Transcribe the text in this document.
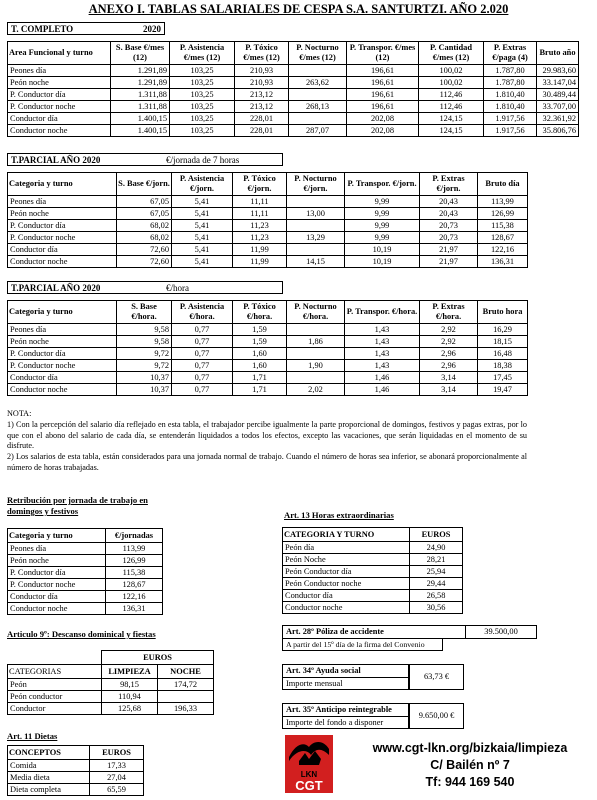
ANEXO I. TABLAS SALARIALES DE CESPA S.A. SANTURTZI. AÑO 2.020
T. COMPLETO	2020
Area Funcional y turno	S. Base €/mes (12)	P. Asistencia €/mes (12)	P. Tóxico €/mes (12)	P. Nocturno €/mes (12)	P. Transpor. €/mes (12)	P. Cantidad €/mes (12)	P. Extras €/paga (4)	Bruto año
Peones día	1.291,89	103,25	210,93		196,61	100,02	1.787,80	29.983,60
Peón noche	1.291,89	103,25	210,93	263,62	196,61	100,02	1.787,80	33.147,04
P. Conductor día	1.311,88	103,25	213,12		196,61	112,46	1.810,40	30.489,44
P. Conductor noche	1.311,88	103,25	213,12	268,13	196,61	112,46	1.810,40	33.707,00
Conductor día	1.400,15	103,25	228,01		202,08	124,15	1.917,56	32.361,92
Conductor noche	1.400,15	103,25	228,01	287,07	202,08	124,15	1.917,56	35.806,76
T.PARCIAL AÑO 2020	€/jornada de 7 horas
Categoria y turno	S. Base €/jorn.	P. Asistencia €/jorn.	P. Tóxico €/jorn.	P. Nocturno €/jorn.	P. Transpor. €/jorn.	P. Extras €/jorn.	Bruto día
Peones día	67,05	5,41	11,11		9,99	20,43	113,99
Peón noche	67,05	5,41	11,11	13,00	9,99	20,43	126,99
P. Conductor día	68,02	5,41	11,23		9,99	20,73	115,38
P. Conductor noche	68,02	5,41	11,23	13,29	9,99	20,73	128,67
Conductor día	72,60	5,41	11,99		10,19	21,97	122,16
Conductor noche	72,60	5,41	11,99	14,15	10,19	21,97	136,31
T.PARCIAL AÑO 2020	€/hora
Categoria y turno	S. Base €/hora.	P. Asistencia €/hora.	P. Tóxico €/hora.	P. Nocturno €/hora.	P. Transpor. €/hora.	P. Extras €/hora.	Bruto hora
Peones día	9,58	0,77	1,59		1,43	2,92	16,29
Peón noche	9,58	0,77	1,59	1,86	1,43	2,92	18,15
P. Conductor día	9,72	0,77	1,60		1,43	2,96	16,48
P. Conductor noche	9,72	0,77	1,60	1,90	1,43	2,96	18,38
Conductor día	10,37	0,77	1,71		1,46	3,14	17,45
Conductor noche	10,37	0,77	1,71	2,02	1,46	3,14	19,47
NOTA:
1) Con la percepción del salario día reflejado en esta tabla, el trabajador percibe igualmente la parte proporcional de domingos, festivos y pagas extras, por lo que con el abono del salario de cada día, se entenderán liquidados a todos los efectos, excepto las vacaciones, que serán liquidadas en el momento de su disfrute.
2) Los salarios de esta tabla, están considerados para una jornada normal de trabajo. Cuando el número de horas sea inferior, se abonará proporcionalmente al número de horas trabajadas.
Retribución por jornada de trabajo en domingos y festivos
Categoria y turno	€/jornadas
Peones día	113,99
Peón noche	126,99
P. Conductor día	115,38
P. Conductor noche	128,67
Conductor día	122,16
Conductor noche	136,31
Articulo 9º: Descanso dominical y fiestas
	EUROS	
CATEGORIAS	LIMPIEZA	NOCHE
Peón	98,15	174,72
Peón conductor	110,94	
Conductor	125,68	196,33
Art. 11 Dietas
CONCEPTOS	EUROS
Comida	17,33
Media dieta	27,04
Dieta completa	65,59
Art. 13 Horas extraordinarias
CATEGORIA Y TURNO	EUROS
Peón día	24,90
Peón Noche	28,21
Peón Conductor día	25,94
Peón Conductor noche	29,44
Conductor día	26,58
Conductor noche	30,56
Art. 28º Póliza de accidente	39.500,00
A partir del 15º día de la firma del Convenio
Art. 34º Ayuda social
Importe mensual
63,73 €
Art. 35º Anticipo reintegrable
Importe del fondo a disponer
9.650,00 €
LKN
CGT
www.cgt-lkn.org/bizkaia/limpieza
C/ Bailén nº 7
Tf: 944 169 540
